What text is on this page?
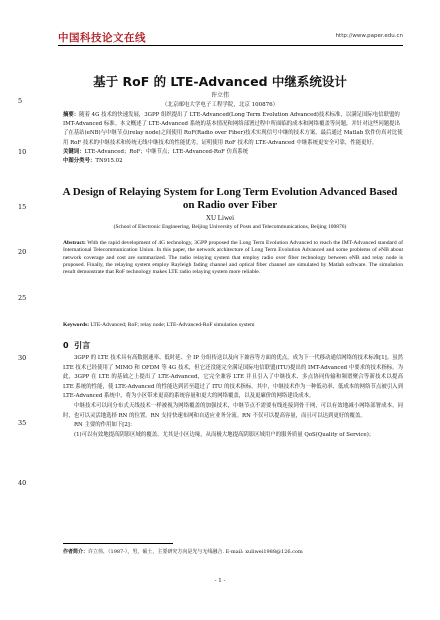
中国科技论文在线	http://www.paper.edu.cn
基于 RoF 的 LTE-Advanced 中继系统设计
许立伟
（北京邮电大学电子工程学院，北京 100876）
5
10
15
20
25
30
35
40
摘要：随着 4G 技术的快速发展，3GPP 组织提出了 LTE-Advanced(Long Term Evolution Advanced)技术标准，以满足国际电信联盟的 IMT-Advanced 标准。本文概述了 LTE-Advanced 系统的基本情况和网络部署过程中所面临的成本和网络覆盖等问题，并针对这些问题提出了在基站(eNB)与中继节点(relay node)之间使用 RoF(Radio over Fiber)技术实现信号中继的技术方案。最后通过 Matlab 软件仿真对比使用 RoF 技术的中继技术和传统无线中继技术的性能优劣，证明使用 RoF 技术的 LTE-Advanced 中继系统更安全可靠，性能更好。
关键词：LTE-Advanced；RoF；中继节点；LTE-Advanced-RoF 仿真系统
中图分类号：TN915.02
A Design of Relaying System for Long Term Evolution Advanced Based on Radio over Fiber
XU Liwei
(School of Electronic Engineering, Beijing University of Posts and Telecommunications, Beijing 100876)
Abstract: With the rapid development of 4G technology, 3GPP proposed the Long Term Evolution Advanced to reach the IMT-Advanced standard of International Telecommunication Union. In this paper, the network architecture of Long Term Evolution Advanced and some problems of eNB about network coverage and cost are summarized. The radio relaying system that employ radio over fiber technology between eNB and relay node is proposed. Finally, the relaying system employ Rayleigh fading channel and optical fiber channel are simulated by Matlab software. The simulation result demonstrate that RoF technology makes LTE radio relaying system more reliable.
Keywords: LTE-Advanced; RoF; relay node; LTE-Advanced-RoF simulation system
0 引言

3GPP 的 LTE 技术具有高数据速率、低时延、全 IP 分组传送以及向下兼容等方面的优点，成为下一代移动通信网络的技术标准[1]。虽然 LTE 技术已经使用了 MIMO 和 OFDM 等 4G 技术，但它还没能完全满足国际电信联盟(ITU)提出的 IMT-Advanced 中要求的技术指标。为此，3GPP 在 LTE 的基础之上提出了 LTE-Advanced，它完全兼容 LTE 并且引入了中继技术、多点协同传输和频谱聚合等新技术以提高 LTE 系统的性能，使 LTE-Advanced 的性能达到甚至超过了 ITU 的技术指标。其中，中继技术作为一种低功率、低成本的网络节点被引入到 LTE-Advanced 系统中，将为小区带来更高的系统容量和更大的网络覆盖，以及更廉价的网络建设成本。

中继技术可以同分布式天线技术一样被视为网络覆盖的加强技术，中继节点不需要有线连接到骨干网，可以有效地减小网络部署成本。同时，也可以灵活地选择 RN 的位置。RN 支持快速布网和自适应业务分流。RN 不仅可以提高容量，而且可以达到更好的覆盖。

RN 主要的作用如下[2]：

(1)可以有效地提高阴影区域的覆盖，尤其是小区边缘，从而极大地提高阴影区域用户的服务质量 QoS(Quality of Service)；

作者简介：许立伟，（1987-），男，硕士，主要研究方向是光与无线融合. E-mail: xuliwei1988@126.com
- 1 -
